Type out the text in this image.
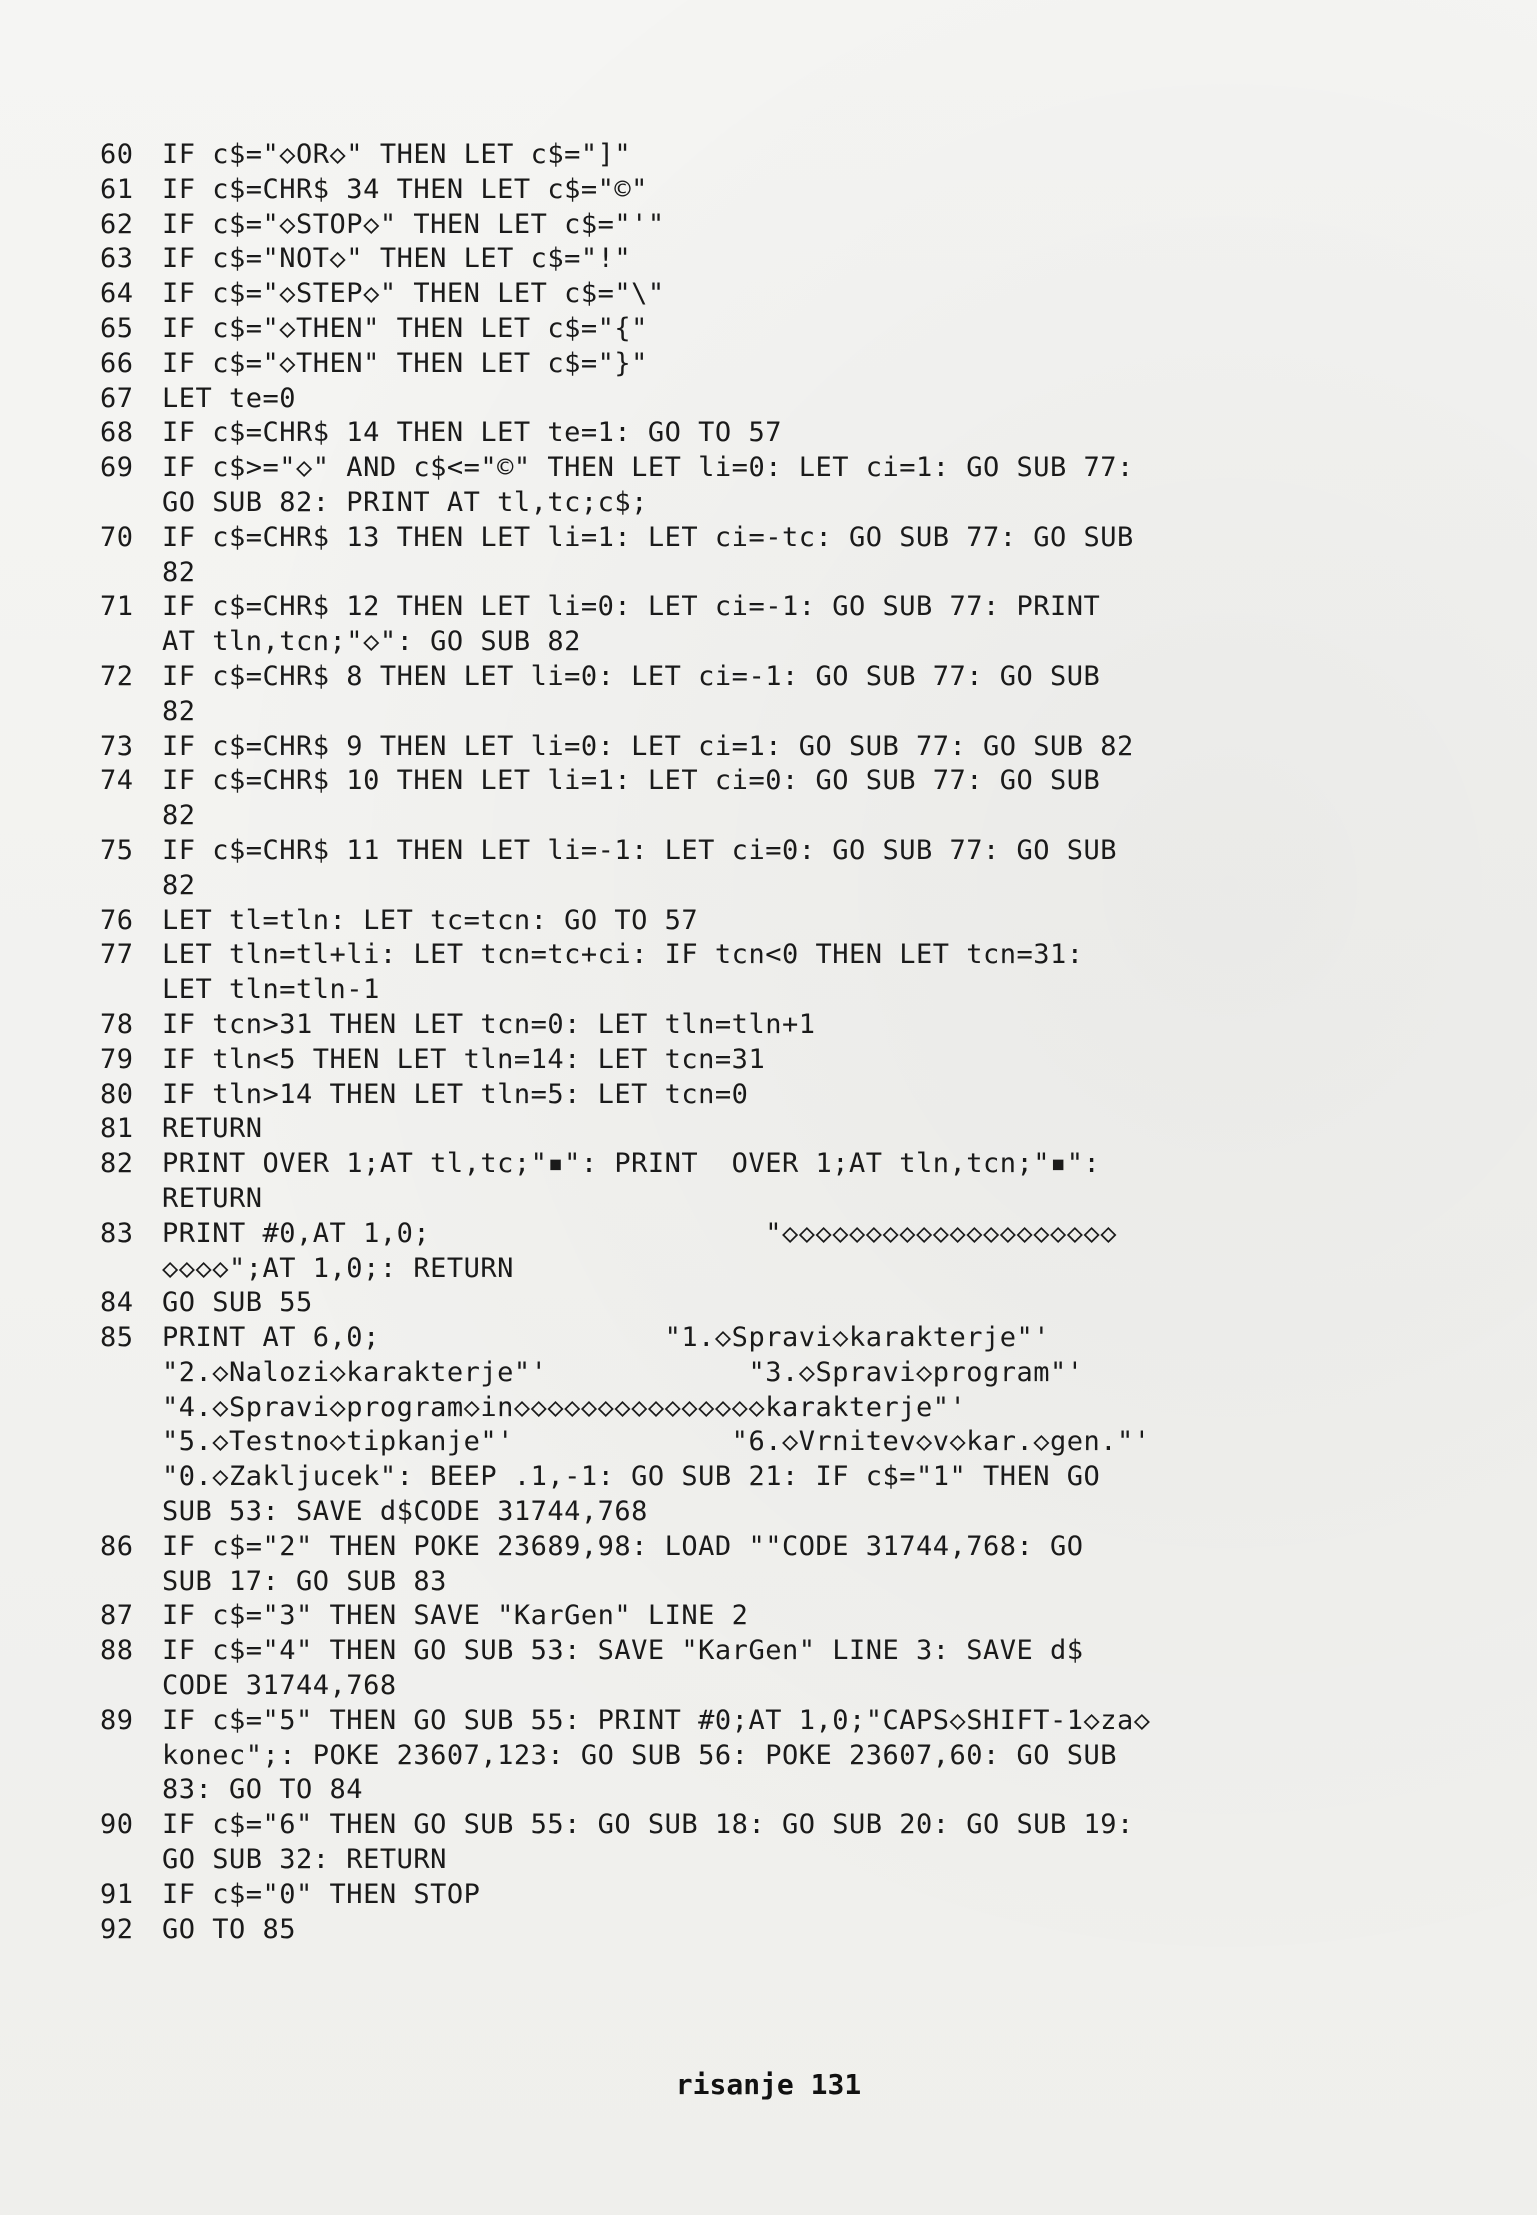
60	IF c$="◇OR◇" THEN LET c$="]"
61	IF c$=CHR$ 34 THEN LET c$="©"
62	IF c$="◇STOP◇" THEN LET c$="'"
63	IF c$="NOT◇" THEN LET c$="!"
64	IF c$="◇STEP◇" THEN LET c$="\"
65	IF c$="◇THEN" THEN LET c$="{"
66	IF c$="◇THEN" THEN LET c$="}"
67	LET te=0
68	IF c$=CHR$ 14 THEN LET te=1: GO TO 57
69	IF c$>="◇" AND c$<="©" THEN LET li=0: LET ci=1: GO SUB 77:
GO SUB 82: PRINT AT tl,tc;c$;
70	IF c$=CHR$ 13 THEN LET li=1: LET ci=-tc: GO SUB 77: GO SUB
82
71	IF c$=CHR$ 12 THEN LET li=0: LET ci=-1: GO SUB 77: PRINT
AT tln,tcn;"◇": GO SUB 82
72	IF c$=CHR$ 8 THEN LET li=0: LET ci=-1: GO SUB 77: GO SUB
82
73	IF c$=CHR$ 9 THEN LET li=0: LET ci=1: GO SUB 77: GO SUB 82
74	IF c$=CHR$ 10 THEN LET li=1: LET ci=0: GO SUB 77: GO SUB
82
75	IF c$=CHR$ 11 THEN LET li=-1: LET ci=0: GO SUB 77: GO SUB
82
76	LET tl=tln: LET tc=tcn: GO TO 57
77	LET tln=tl+li: LET tcn=tc+ci: IF tcn<0 THEN LET tcn=31:
LET tln=tln-1
78	IF tcn>31 THEN LET tcn=0: LET tln=tln+1
79	IF tln<5 THEN LET tln=14: LET tcn=31
80	IF tln>14 THEN LET tln=5: LET tcn=0
81	RETURN
82	PRINT OVER 1;AT tl,tc;"▪": PRINT  OVER 1;AT tln,tcn;"▪":
RETURN
83	PRINT #0,AT 1,0;                    "◇◇◇◇◇◇◇◇◇◇◇◇◇◇◇◇◇◇◇◇
◇◇◇◇";AT 1,0;: RETURN
84	GO SUB 55
85	PRINT AT 6,0;                 "1.◇Spravi◇karakterje"'
"2.◇Nalozi◇karakterje"'            "3.◇Spravi◇program"'
"4.◇Spravi◇program◇in◇◇◇◇◇◇◇◇◇◇◇◇◇◇◇karakterje"'
"5.◇Testno◇tipkanje"'             "6.◇Vrnitev◇v◇kar.◇gen."'
"0.◇Zakljucek": BEEP .1,-1: GO SUB 21: IF c$="1" THEN GO
SUB 53: SAVE d$CODE 31744,768
86	IF c$="2" THEN POKE 23689,98: LOAD ""CODE 31744,768: GO
SUB 17: GO SUB 83
87	IF c$="3" THEN SAVE "KarGen" LINE 2
88	IF c$="4" THEN GO SUB 53: SAVE "KarGen" LINE 3: SAVE d$
CODE 31744,768
89	IF c$="5" THEN GO SUB 55: PRINT #0;AT 1,0;"CAPS◇SHIFT-1◇za◇
konec";: POKE 23607,123: GO SUB 56: POKE 23607,60: GO SUB
83: GO TO 84
90	IF c$="6" THEN GO SUB 55: GO SUB 18: GO SUB 20: GO SUB 19:
GO SUB 32: RETURN
91	IF c$="0" THEN STOP
92	GO TO 85
risanje 131
